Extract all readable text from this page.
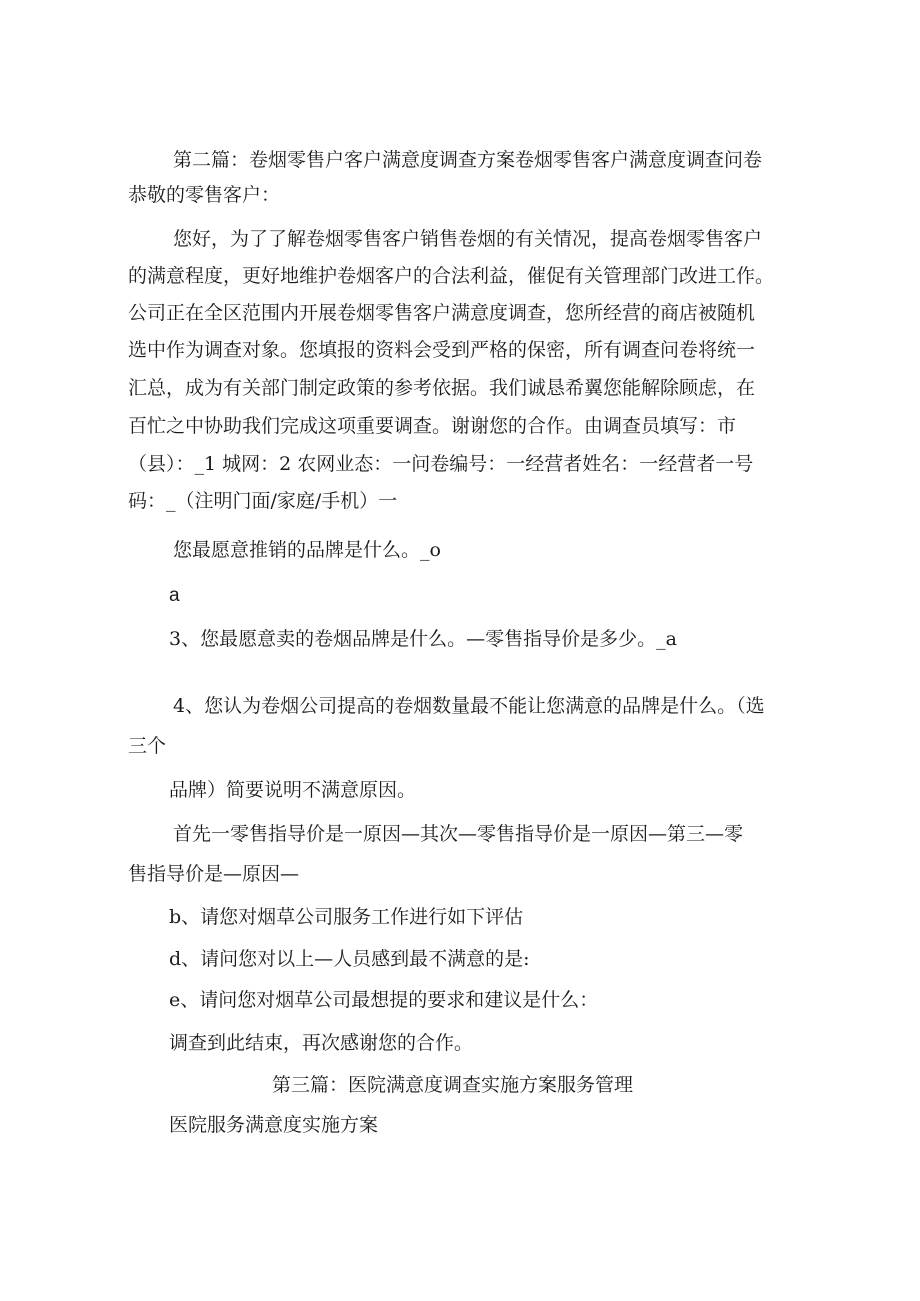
第二篇：卷烟零售户客户满意度调查方案卷烟零售客户满意度调查问卷
恭敬的零售客户：
您好，为了了解卷烟零售客户销售卷烟的有关情况，提高卷烟零售客户
的满意程度，更好地维护卷烟客户的合法利益，催促有关管理部门改进工作。
公司正在全区范围内开展卷烟零售客户满意度调查，您所经营的商店被随机
选中作为调查对象。您填报的资料会受到严格的保密，所有调查问卷将统一
汇总，成为有关部门制定政策的参考依据。我们诚恳希翼您能解除顾虑，在
百忙之中协助我们完成这项重要调查。谢谢您的合作。由调查员填写：市
（县）：_1 城网：2 农网业态：一问卷编号：一经营者姓名：一经营者一号
码：_（注明门面/家庭/手机）一
您最愿意推销的品牌是什么。_o
a
3、您最愿意卖的卷烟品牌是什么。—零售指导价是多少。_a
4、您认为卷烟公司提高的卷烟数量最不能让您满意的品牌是什么。（选
三个
品牌）简要说明不满意原因。
首先一零售指导价是一原因—其次—零售指导价是一原因—第三—零
售指导价是—原因—
b、请您对烟草公司服务工作进行如下评估
d、请问您对以上—人员感到最不满意的是:
e、请问您对烟草公司最想提的要求和建议是什么：
调查到此结束，再次感谢您的合作。
第三篇：医院满意度调查实施方案服务管理
医院服务满意度实施方案
